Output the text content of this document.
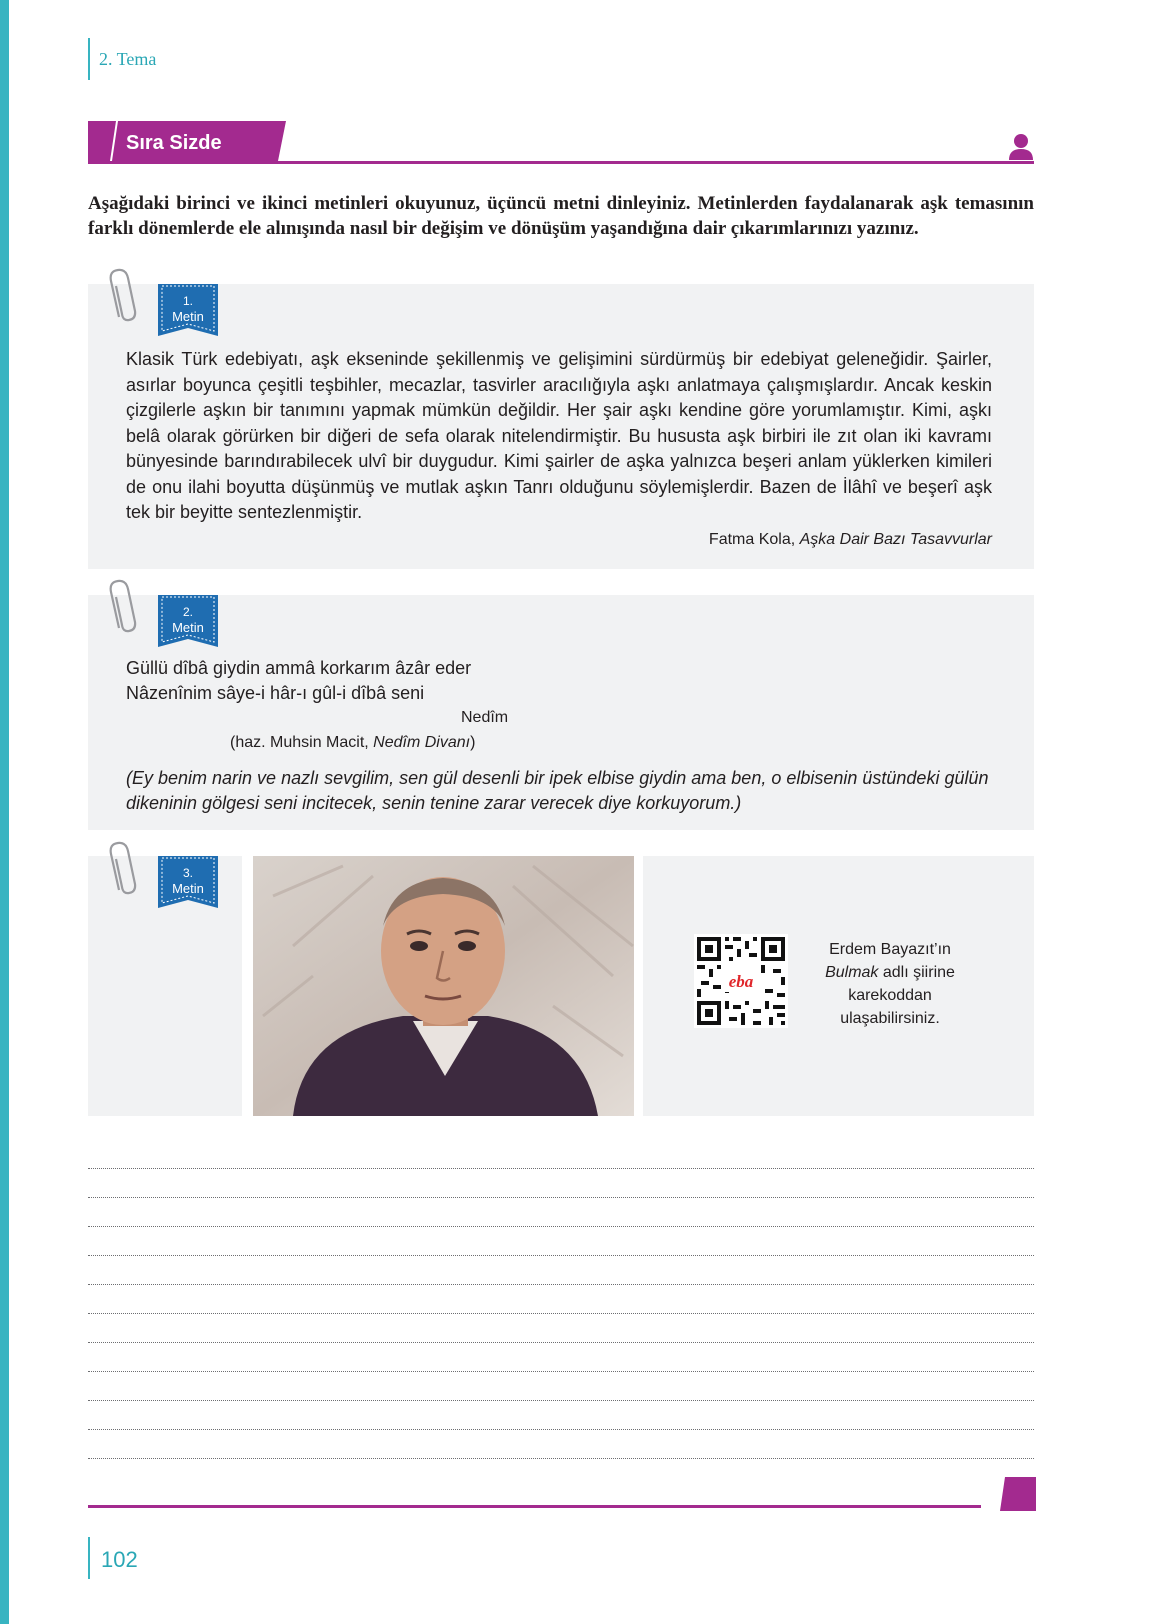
2. Tema
Sıra Sizde

Aşağıdaki birinci ve ikinci metinleri okuyunuz, üçüncü metni dinleyiniz. Metinlerden faydalanarak aşk temasının farklı dönemlerde ele alınışında nasıl bir değişim ve dönüşüm yaşandığına dair çıkarımlarınızı yazınız.

1.
Metin

Klasik Türk edebiyatı, aşk ekseninde şekillenmiş ve gelişimini sürdürmüş bir edebiyat geleneğidir. Şairler, asırlar boyunca çeşitli teşbihler, mecazlar, tasvirler aracılığıyla aşkı anlatmaya çalışmışlardır. Ancak keskin çizgilerle aşkın bir tanımını yapmak mümkün değildir. Her şair aşkı kendine göre yorumlamıştır. Kimi, aşkı belâ olarak görürken bir diğeri de sefa olarak nitelendirmiştir. Bu hususta aşk birbiri ile zıt olan iki kavramı bünyesinde barındırabilecek ulvî bir duygudur. Kimi şairler de aşka yalnızca beşeri anlam yüklerken kimileri de onu ilahi boyutta düşünmüş ve mutlak aşkın Tanrı olduğunu söylemişlerdir. Bazen de İlâhî ve beşerî aşk tek bir beyitte sentezlenmiştir.

Fatma Kola, Aşka Dair Bazı Tasavvurlar
2.
Metin
Güllü dîbâ giydin ammâ korkarım âzâr eder
Nâzenînim sâye-i hâr-ı gûl-i dîbâ seni
Nedîm
(haz. Muhsin Macit, Nedîm Divanı)

(Ey benim narin ve nazlı sevgilim, sen gül desenli bir ipek elbise giydin ama ben, o elbisenin üstündeki gülün dikeninin gölgesi seni incitecek, senin tenine zarar verecek diye korkuyorum.)

3.
Metin
eba

Erdem Bayazıt’ın
Bulmak adlı şiirine
karekoddan
ulaşabilirsiniz.

102
